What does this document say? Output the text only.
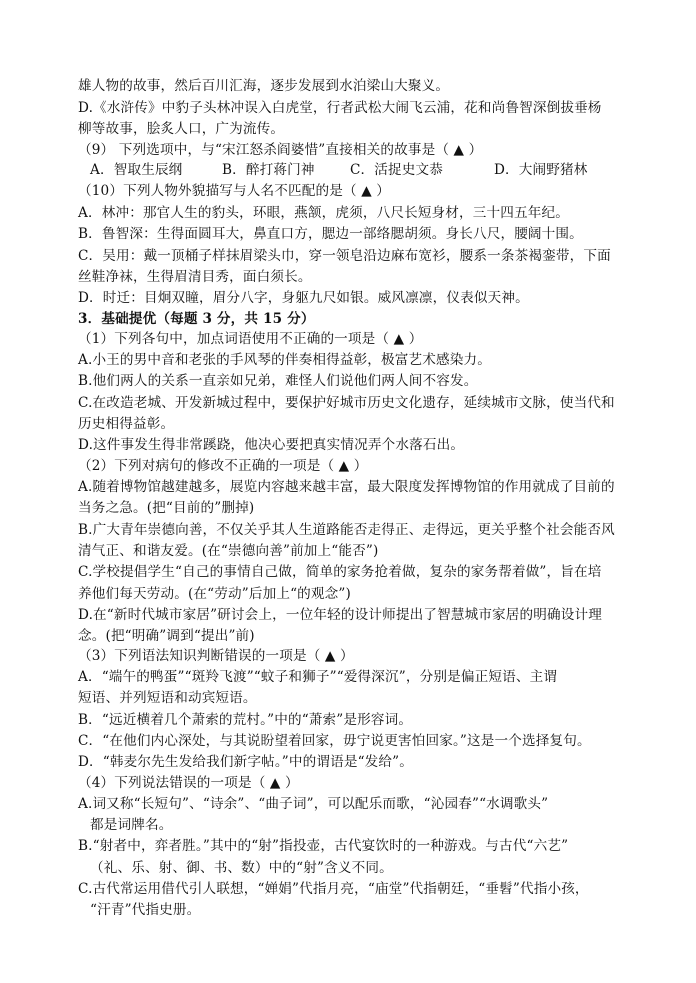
雄人物的故事，然后百川汇海，逐步发展到水泊梁山大聚义。
D.《水浒传》中豹子头林冲误入白虎堂，行者武松大闹飞云浦，花和尚鲁智深倒拔垂杨
柳等故事，脍炙人口，广为流传。
（9） 下列选项中，与“宋江怒杀阎婆惜”直接相关的故事是（ ▲ ）
A．智取生辰纲	B．醉打蒋门神	C．活捉史文恭	D．大闹野猪林
（10）下列人物外貌描写与人名不匹配的是（ ▲ ）
A．林冲：那官人生的豹头，环眼，燕颔，虎须，八尺长短身材，三十四五年纪。
B．鲁智深：生得面圆耳大，鼻直口方，腮边一部络腮胡须。身长八尺，腰阔十围。
C．吴用：戴一顶桶子样抹眉梁头巾，穿一领皂沿边麻布宽衫，腰系一条茶褐銮带，下面
丝鞋净袜，生得眉清目秀，面白须长。
D．时迁：目炯双瞳，眉分八字，身躯九尺如银。威风凛凛，仪表似天神。
3．基础提优（每题 3 分，共 15 分）
（1）下列各句中，加点词语使用不正确的一项是（ ▲ ）
A.小王的男中音和老张的手风琴的伴奏相得益彰，极富艺术感染力。
B.他们两人的关系一直亲如兄弟，难怪人们说他们两人间不容发。
C.在改造老城、开发新城过程中，要保护好城市历史文化遗存，延续城市文脉，使当代和
历史相得益彰。
D.这件事发生得非常蹊跷，他决心要把真实情况弄个水落石出。
（2）下列对病句的修改不正确的一项是（ ▲ ）
A.随着博物馆越建越多，展览内容越来越丰富，最大限度发挥博物馆的作用就成了目前的
当务之急。(把“目前的”删掉)
B.广大青年崇德向善，不仅关乎其人生道路能否走得正、走得远，更关乎整个社会能否风
清气正、和谐友爱。(在“崇德向善”前加上“能否”)
C.学校提倡学生“自己的事情自己做，简单的家务抢着做，复杂的家务帮着做”，旨在培
养他们每天劳动。(在“劳动”后加上“的观念”)
D.在“新时代城市家居”研讨会上，一位年轻的设计师提出了智慧城市家居的明确设计理
念。(把“明确”调到“提出”前)
（3）下列语法知识判断错误的一项是（ ▲ ）
A．“端午的鸭蛋”“斑羚飞渡”“蚊子和狮子”“爱得深沉”，分别是偏正短语、主谓
短语、并列短语和动宾短语。
B．“远近横着几个萧索的荒村。”中的“萧索”是形容词。
C．“在他们内心深处，与其说盼望着回家，毋宁说更害怕回家。”这是一个选择复句。
D．“韩麦尔先生发给我们新字帖。”中的谓语是“发给”。
（4）下列说法错误的一项是（ ▲ ）
A.词又称“长短句”、“诗余”、“曲子词”，可以配乐而歌，“沁园春”“水调歌头”
都是词牌名。
B.“射者中，弈者胜。”其中的“射”指投壶，古代宴饮时的一种游戏。与古代“六艺”
（礼、乐、射、御、书、数）中的“射”含义不同。
C.古代常运用借代引人联想，“婵娟”代指月亮，“庙堂”代指朝廷，“垂髫”代指小孩，
“汗青”代指史册。
